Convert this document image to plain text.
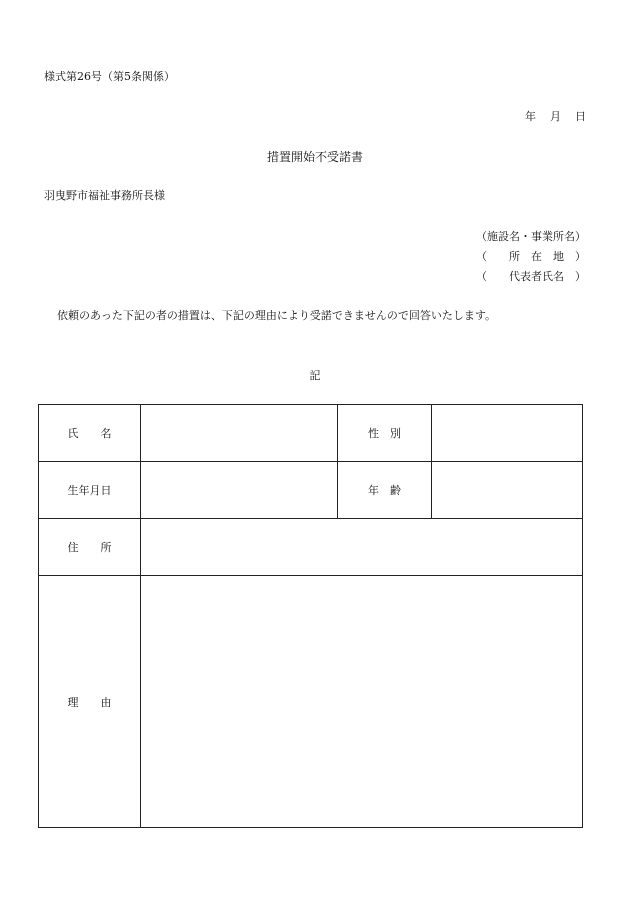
様式第26号（第5条関係）
年 月 日
措置開始不受諾書
羽曳野市福祉事務所長様
（施設名・事業所名）
（　　所　在　地　）
（　　代表者氏名　）
依頼のあった下記の者の措置は、下記の理由により受諾できませんので回答いたします。
記
氏　　名		性　別	
生年月日		年　齢	
住　　所			
理　　由			
